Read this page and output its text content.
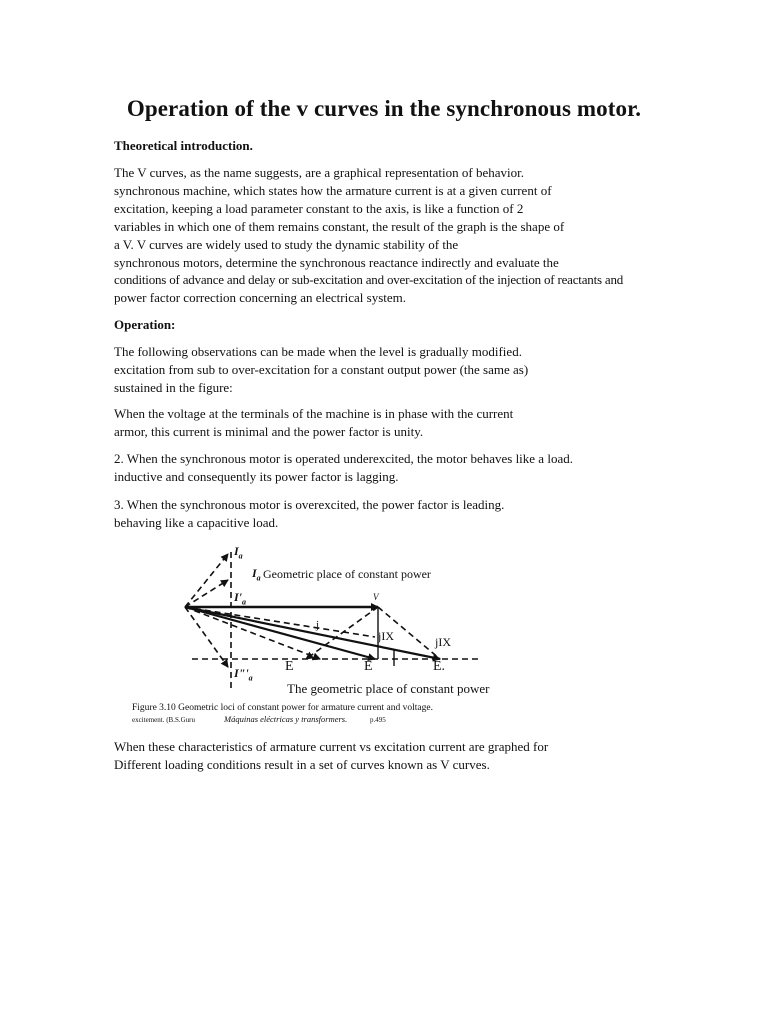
Operation of the v curves in the synchronous motor.
Theoretical introduction.
The V curves, as the name suggests, are a graphical representation of behavior.
synchronous machine, which states how the armature current is at a given current of
excitation, keeping a load parameter constant to the axis, is like a function of 2
variables in which one of them remains constant, the result of the graph is the shape of
a V. V curves are widely used to study the dynamic stability of the
synchronous motors, determine the synchronous reactance indirectly and evaluate the
conditions of advance and delay or sub-excitation and over-excitation of the injection of reactants and
power factor correction concerning an electrical system.
Operation:
The following observations can be made when the level is gradually modified.
excitation from sub to over-excitation for a constant output power (the same as)
sustained in the figure:
When the voltage at the terminals of the machine is in phase with the current
armor, this current is minimal and the power factor is unity.
2. When the synchronous motor is operated underexcited, the motor behaves like a load.
inductive and consequently its power factor is lagging.
3. When the synchronous motor is overexcited, the power factor is leading.
behaving like a capacitive load.
$I_a$
$I_a$ Geometric place of constant power
$I'_a$
$I"'_a$
V
j
jIX	jIX
E	E	E.
The geometric place of constant power
Figure 3.10 Geometric loci of constant power for armature current and voltage.
excitement. (B.S.Guru	Máquinas eléctricas y transformers.	p.495
When these characteristics of armature current vs excitation current are graphed for
Different loading conditions result in a set of curves known as V curves.
